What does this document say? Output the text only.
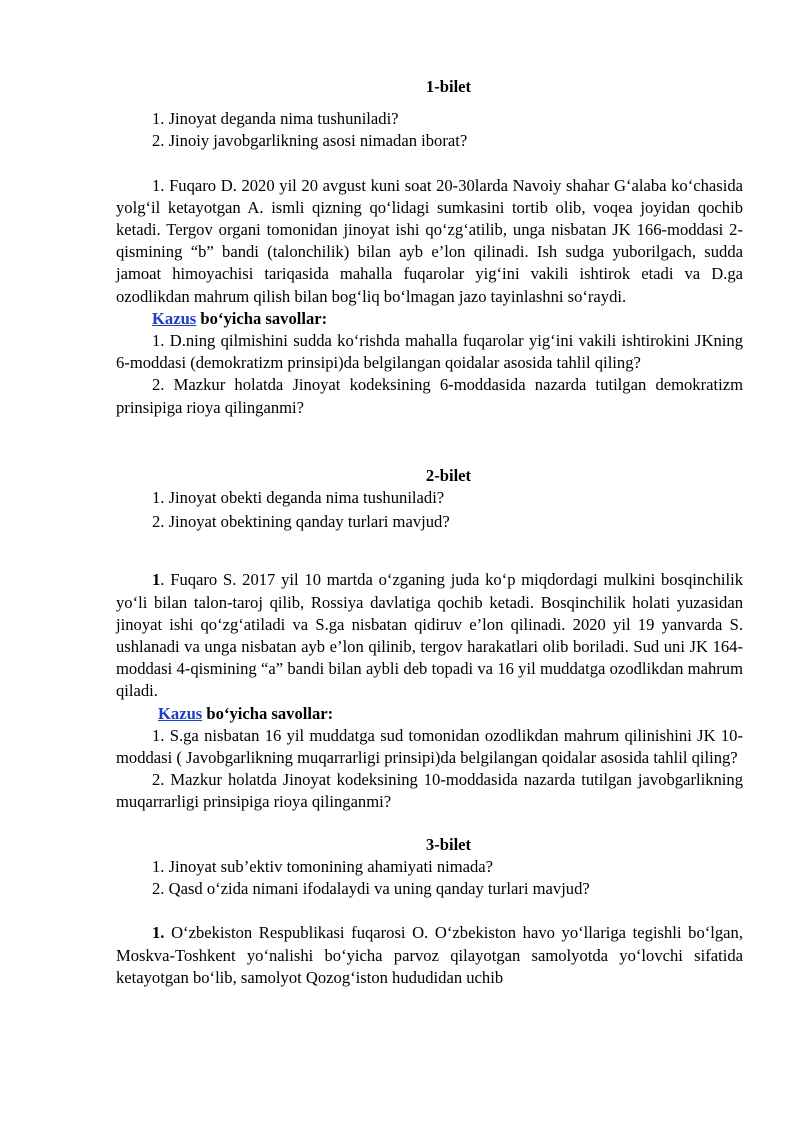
1-bilet

1. Jinoyat deganda nima tushuniladi?

2. Jinoiy javobgarlikning asosi nimadan iborat?

1. Fuqaro D. 2020 yil 20 avgust kuni soat 20-30larda Navoiy shahar G‘alaba ko‘chasida yolg‘il ketayotgan A. ismli qizning qo‘lidagi sumkasini tortib olib, voqea joyidan qochib ketadi. Tergov organi tomonidan jinoyat ishi qo‘zg‘atilib, unga nisbatan JK 166-moddasi 2-qismining “b” bandi (talonchilik) bilan ayb e’lon qilinadi. Ish sudga yuborilgach, sudda jamoat himoyachisi tariqasida mahalla fuqarolar yig‘ini vakili ishtirok etadi va D.ga ozodlikdan mahrum qilish bilan bog‘liq bo‘lmagan jazo tayinlashni so‘raydi.

Kazus bo‘yicha savollar:

1. D.ning qilmishini sudda ko‘rishda mahalla fuqarolar yig‘ini vakili ishtirokini JKning 6-moddasi (demokratizm prinsipi)da belgilangan qoidalar asosida tahlil qiling?

2. Mazkur holatda Jinoyat kodeksining 6-moddasida nazarda tutilgan demokratizm prinsipiga rioya qilinganmi?

2-bilet

1. Jinoyat obekti deganda nima tushuniladi?

2. Jinoyat obektining qanday turlari mavjud?

1. Fuqaro S. 2017 yil 10 martda o‘zganing juda ko‘p miqdordagi mulkini bosqinchilik yo‘li bilan talon-taroj qilib, Rossiya davlatiga qochib ketadi. Bosqinchilik holati yuzasidan jinoyat ishi qo‘zg‘atiladi va S.ga nisbatan qidiruv e’lon qilinadi. 2020 yil 19 yanvarda S. ushlanadi va unga nisbatan ayb e’lon qilinib, tergov harakatlari olib boriladi. Sud uni JK 164-moddasi 4-qismining “a” bandi bilan aybli deb topadi va 16 yil muddatga ozodlikdan mahrum qiladi.

Kazus bo‘yicha savollar:

1. S.ga nisbatan 16 yil muddatga sud tomonidan ozodlikdan mahrum qilinishini JK 10-moddasi ( Javobgarlikning muqarrarligi prinsipi)da belgilangan qoidalar asosida tahlil qiling?

2. Mazkur holatda Jinoyat kodeksining 10-moddasida nazarda tutilgan javobgarlikning muqarrarligi prinsipiga rioya qilinganmi?

3-bilet

1. Jinoyat sub’ektiv tomonining ahamiyati nimada?

2. Qasd o‘zida nimani ifodalaydi va uning qanday turlari mavjud?

1. O‘zbekiston Respublikasi fuqarosi O. O‘zbekiston havo yo‘llariga tegishli bo‘lgan, Moskva-Toshkent yo‘nalishi bo‘yicha parvoz qilayotgan samolyotda yo‘lovchi sifatida ketayotgan bo‘lib, samolyot Qozog‘iston hududidan uchib
